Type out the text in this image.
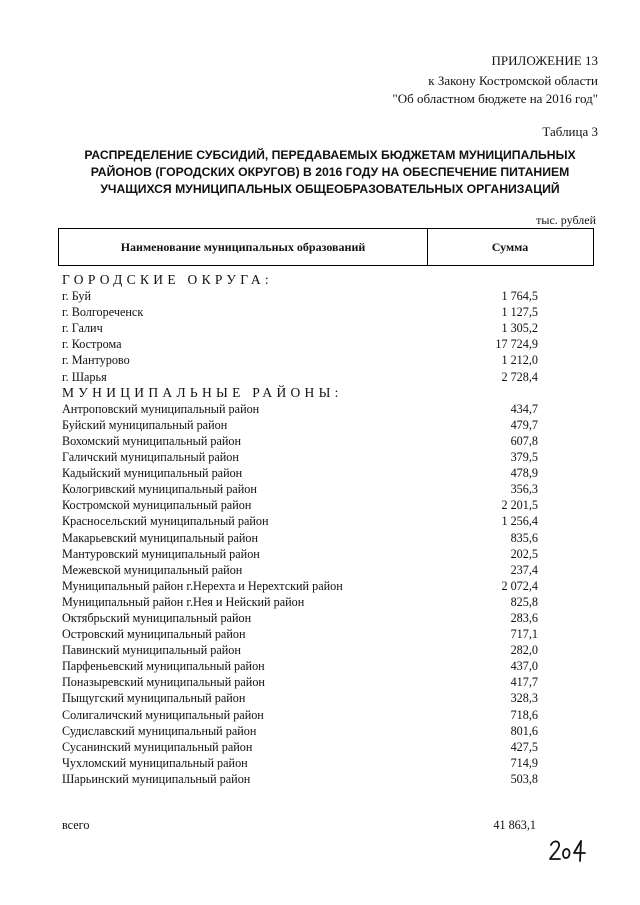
ПРИЛОЖЕНИЕ 13
к Закону Костромской области
"Об областном бюджете на 2016 год"
Таблица 3
РАСПРЕДЕЛЕНИЕ СУБСИДИЙ, ПЕРЕДАВАЕМЫХ БЮДЖЕТАМ МУНИЦИПАЛЬНЫХ
РАЙОНОВ (ГОРОДСКИХ ОКРУГОВ) В 2016 ГОДУ НА ОБЕСПЕЧЕНИЕ ПИТАНИЕМ
УЧАЩИХСЯ МУНИЦИПАЛЬНЫХ ОБЩЕОБРАЗОВАТЕЛЬНЫХ ОРГАНИЗАЦИЙ
тыс. рублей
Наименование муниципальных образований	Сумма
ГОРОДСКИЕ ОКРУГА:
г. Буй	1 764,5
г. Волгореченск	1 127,5
г. Галич	1 305,2
г. Кострома	17 724,9
г. Мантурово	1 212,0
г. Шарья	2 728,4
МУНИЦИПАЛЬНЫЕ РАЙОНЫ:
Антроповский муниципальный район	434,7
Буйский муниципальный район	479,7
Вохомский муниципальный район	607,8
Галичский муниципальный район	379,5
Кадыйский муниципальный район	478,9
Кологривский муниципальный район	356,3
Костромской муниципальный район	2 201,5
Красносельский муниципальный район	1 256,4
Макарьевский муниципальный район	835,6
Мантуровский муниципальный район	202,5
Межевской муниципальный район	237,4
Муниципальный район г.Нерехта и Нерехтский район	2 072,4
Муниципальный район г.Нея и Нейский район	825,8
Октябрьский муниципальный район	283,6
Островский муниципальный район	717,1
Павинский муниципальный район	282,0
Парфеньевский муниципальный район	437,0
Поназыревский муниципальный район	417,7
Пыщугский муниципальный район	328,3
Солигаличский муниципальный район	718,6
Судиславский муниципальный район	801,6
Сусанинский муниципальный район	427,5
Чухломский муниципальный район	714,9
Шарьинский муниципальный район	503,8
всего	41 863,1
